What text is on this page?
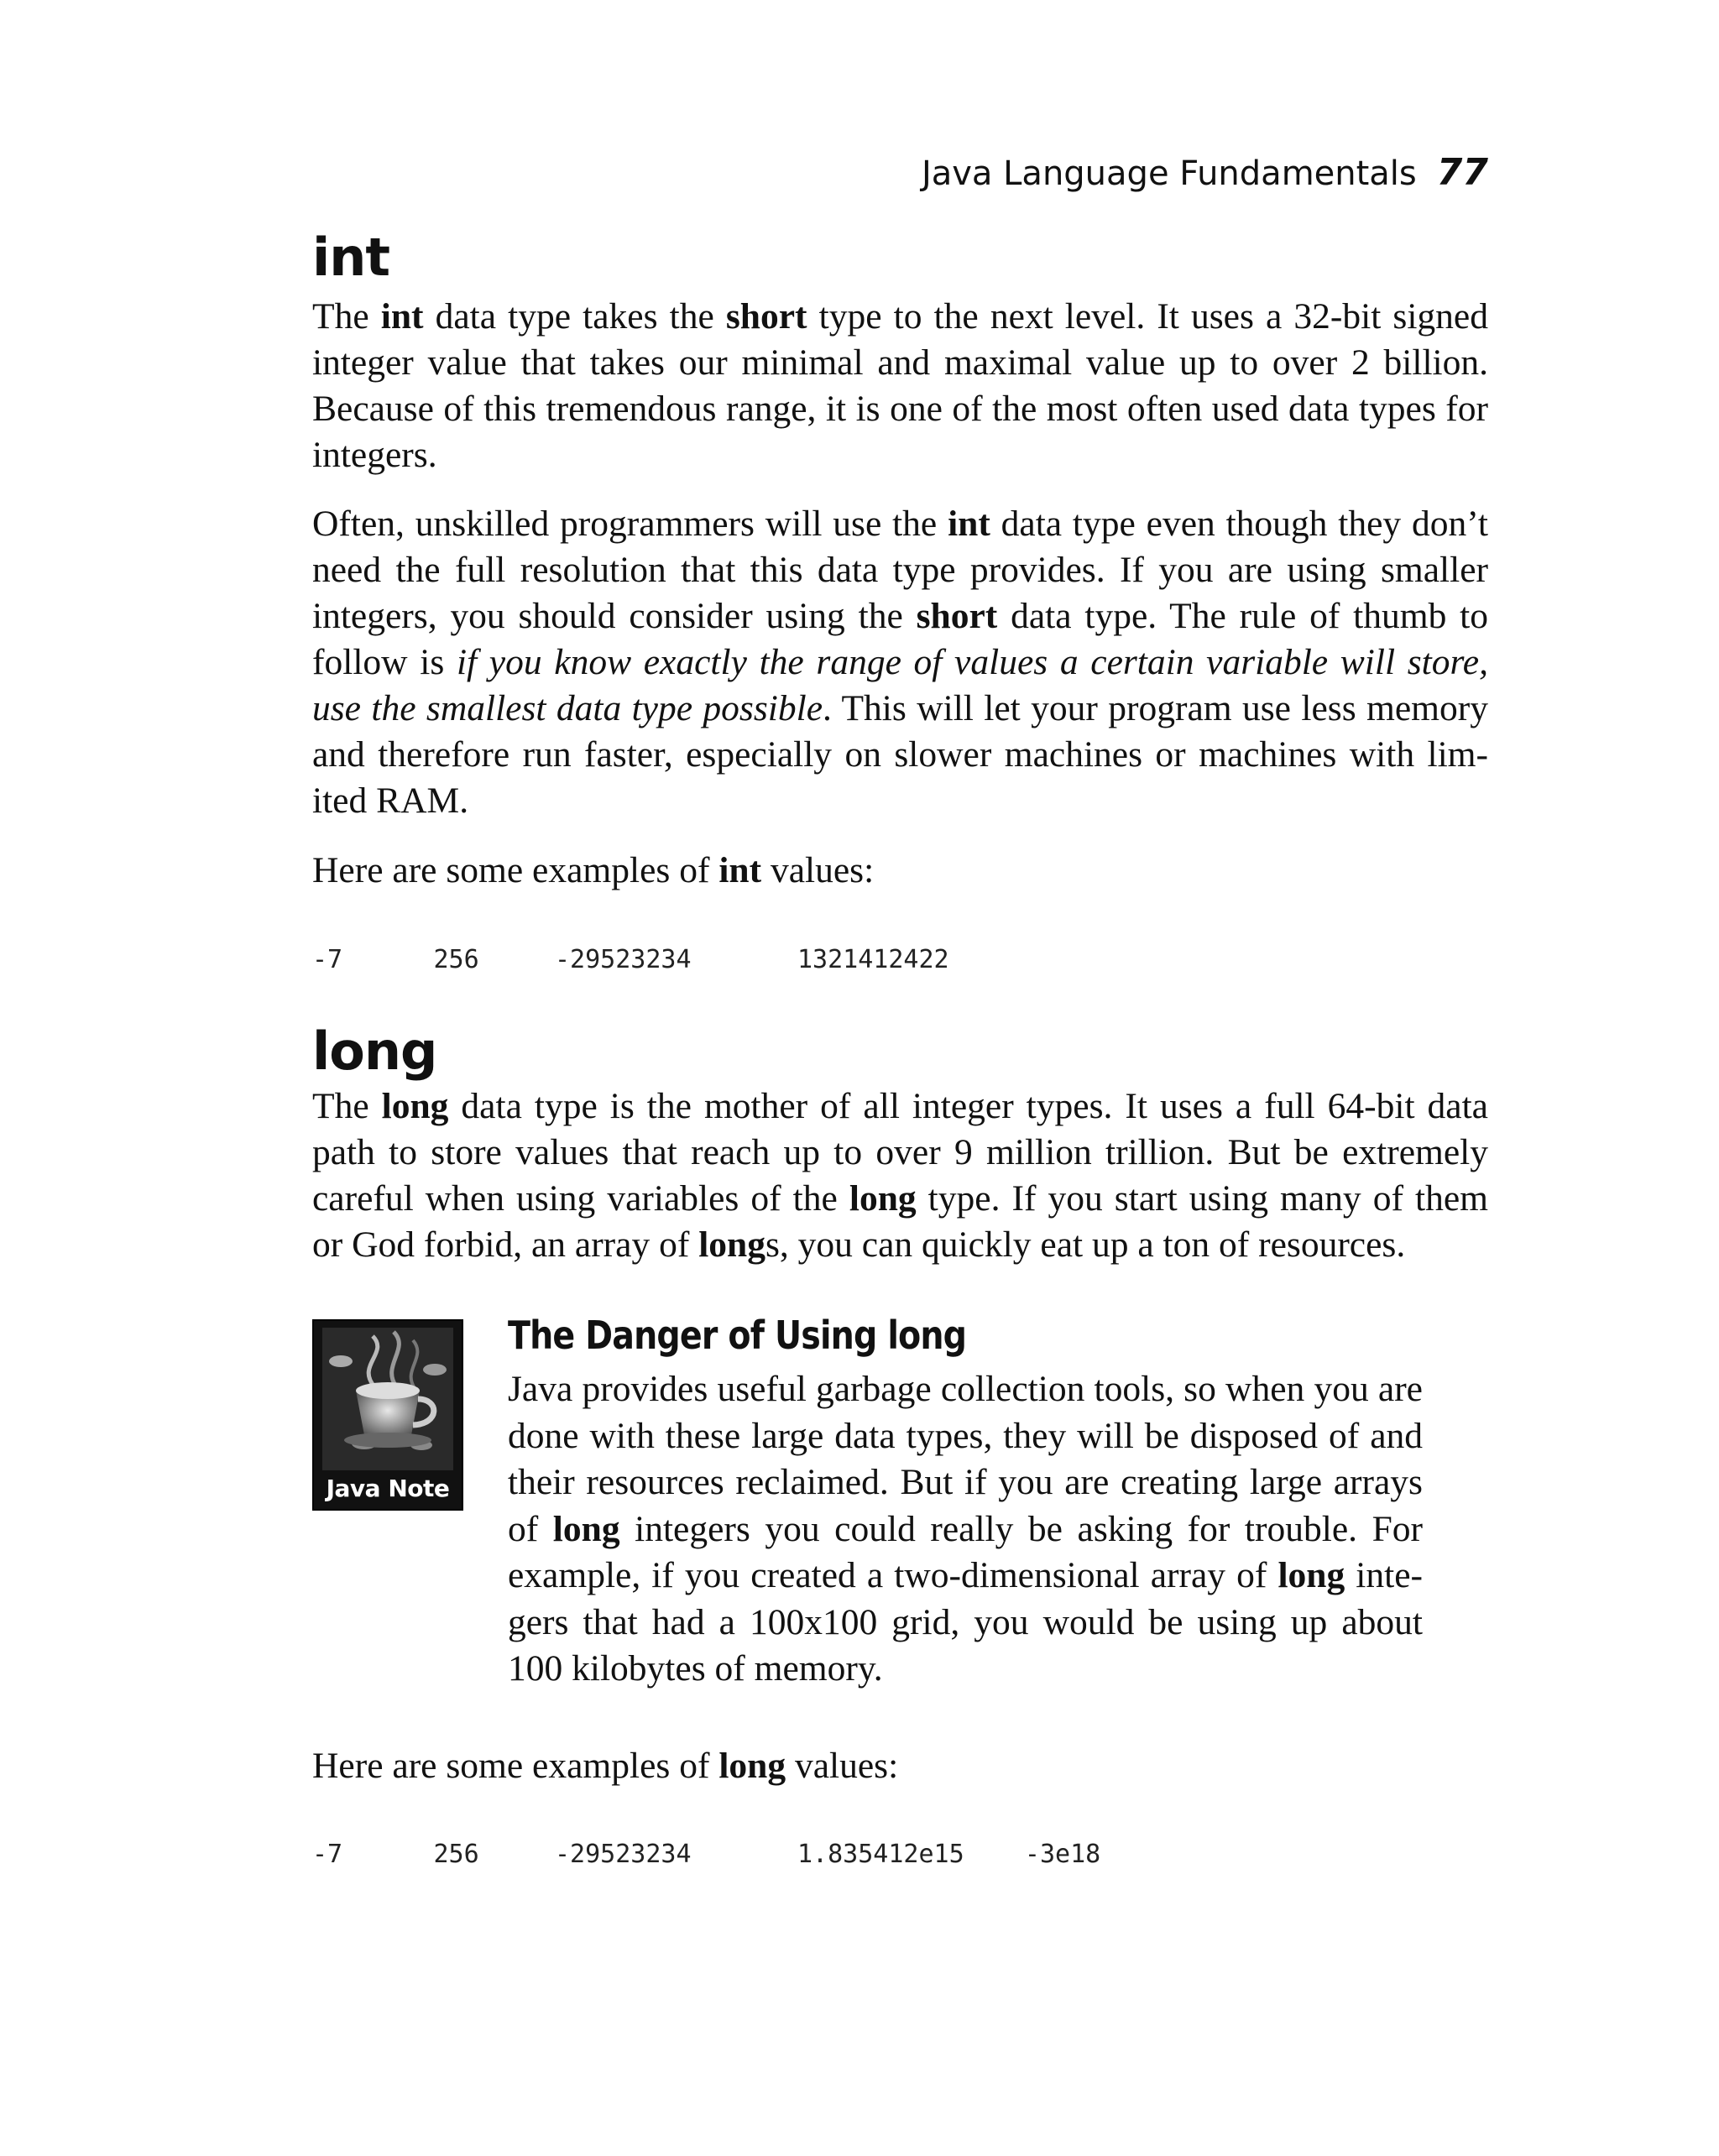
Java Language Fundamentals 77
int

The int data type takes the short type to the next level. It uses a 32-bit signed integer value that takes our minimal and maximal value up to over 2 billion. Because of this tremendous range, it is one of the most often used data types for integers.

Often, unskilled programmers will use the int data type even though they don’t need the full resolution that this data type provides. If you are using smaller integers, you should consider using the short data type. The rule of thumb to follow is if you know exactly the range of values a certain variable will store, use the smallest data type possible. This will let your program use less memory and therefore run faster, especially on slower machines or machines with lim-ited RAM.

Here are some examples of int values:

-7      256     -29523234       1321412422
long

The long data type is the mother of all integer types. It uses a full 64-bit data path to store values that reach up to over 9 million trillion. But be extremely careful when using variables of the long type. If you start using many of them or God forbid, an array of longs, you can quickly eat up a ton of resources.

Java Note
The Danger of Using long

Java provides useful garbage collection tools, so when you are done with these large data types, they will be disposed of and their resources reclaimed. But if you are creating large arrays of long integers you could really be asking for trouble. For example, if you created a two-dimensional array of long inte-gers that had a 100x100 grid, you would be using up about 100 kilobytes of memory.

Here are some examples of long values:

-7      256     -29523234       1.835412e15    -3e18
